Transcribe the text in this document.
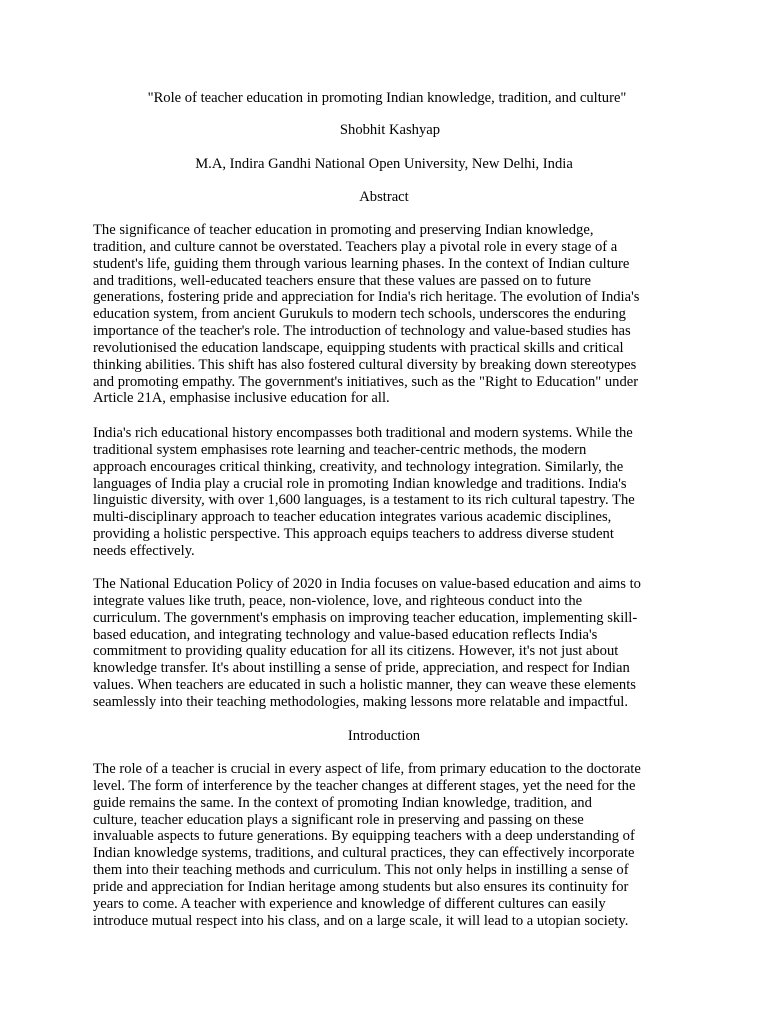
"Role of teacher education in promoting Indian knowledge, tradition, and culture"
Shobhit Kashyap
M.A, Indira Gandhi National Open University, New Delhi, India
Abstract
The significance of teacher education in promoting and preserving Indian knowledge,
tradition, and culture cannot be overstated. Teachers play a pivotal role in every stage of a
student's life, guiding them through various learning phases. In the context of Indian culture
and traditions, well-educated teachers ensure that these values are passed on to future
generations, fostering pride and appreciation for India's rich heritage. The evolution of India's
education system, from ancient Gurukuls to modern tech schools, underscores the enduring
importance of the teacher's role. The introduction of technology and value-based studies has
revolutionised the education landscape, equipping students with practical skills and critical
thinking abilities. This shift has also fostered cultural diversity by breaking down stereotypes
and promoting empathy. The government's initiatives, such as the "Right to Education" under
Article 21A, emphasise inclusive education for all.
India's rich educational history encompasses both traditional and modern systems. While the
traditional system emphasises rote learning and teacher-centric methods, the modern
approach encourages critical thinking, creativity, and technology integration. Similarly, the
languages of India play a crucial role in promoting Indian knowledge and traditions. India's
linguistic diversity, with over 1,600 languages, is a testament to its rich cultural tapestry. The
multi-disciplinary approach to teacher education integrates various academic disciplines,
providing a holistic perspective. This approach equips teachers to address diverse student
needs effectively.
The National Education Policy of 2020 in India focuses on value-based education and aims to
integrate values like truth, peace, non-violence, love, and righteous conduct into the
curriculum. The government's emphasis on improving teacher education, implementing skill-
based education, and integrating technology and value-based education reflects India's
commitment to providing quality education for all its citizens. However, it's not just about
knowledge transfer. It's about instilling a sense of pride, appreciation, and respect for Indian
values. When teachers are educated in such a holistic manner, they can weave these elements
seamlessly into their teaching methodologies, making lessons more relatable and impactful.
Introduction
The role of a teacher is crucial in every aspect of life, from primary education to the doctorate
level. The form of interference by the teacher changes at different stages, yet the need for the
guide remains the same. In the context of promoting Indian knowledge, tradition, and
culture, teacher education plays a significant role in preserving and passing on these
invaluable aspects to future generations. By equipping teachers with a deep understanding of
Indian knowledge systems, traditions, and cultural practices, they can effectively incorporate
them into their teaching methods and curriculum. This not only helps in instilling a sense of
pride and appreciation for Indian heritage among students but also ensures its continuity for
years to come. A teacher with experience and knowledge of different cultures can easily
introduce mutual respect into his class, and on a large scale, it will lead to a utopian society.
